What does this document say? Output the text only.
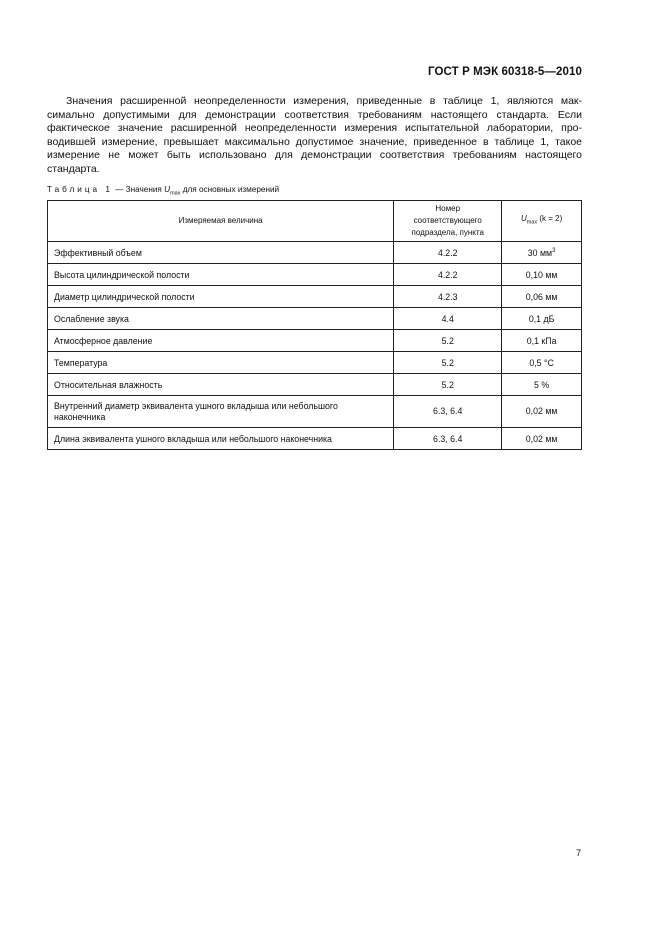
ГОСТ Р МЭК 60318-5—2010
Значения расширенной неопределенности измерения, приведенные в таблице 1, являются мак-
симально допустимыми для демонстрации соответствия требованиям настоящего стандарта. Если
фактическое значение расширенной неопределенности измерения испытательной лаборатории, про-
водившей измерение, превышает максимально допустимое значение, приведенное в таблице 1, такое
измерение не может быть использовано для демонстрации соответствия требованиям настоящего
стандарта.
Таблица 1 — Значения $U_{max}$ для основных измерений
Измеряемая величина	Номер соответствующего подраздела, пункта	$U_{max}$ (k = 2)
Эффективный объем	4.2.2	30 $мм^3$
Высота цилиндрической полости	4.2.2	0,10 мм
Диаметр цилиндрической полости	4.2.3	0,06 мм
Ослабление звука	4.4	0,1 дБ
Атмосферное давление	5.2	0,1 кПа
Температура	5.2	0,5 °С
Относительная влажность	5.2	5 %
Внутренний диаметр эквивалента ушного вкладыша или небольшого наконечника	6.3, 6.4	0,02 мм
Длина эквивалента ушного вкладыша или небольшого наконечника	6.3, 6.4	0,02 мм
7
